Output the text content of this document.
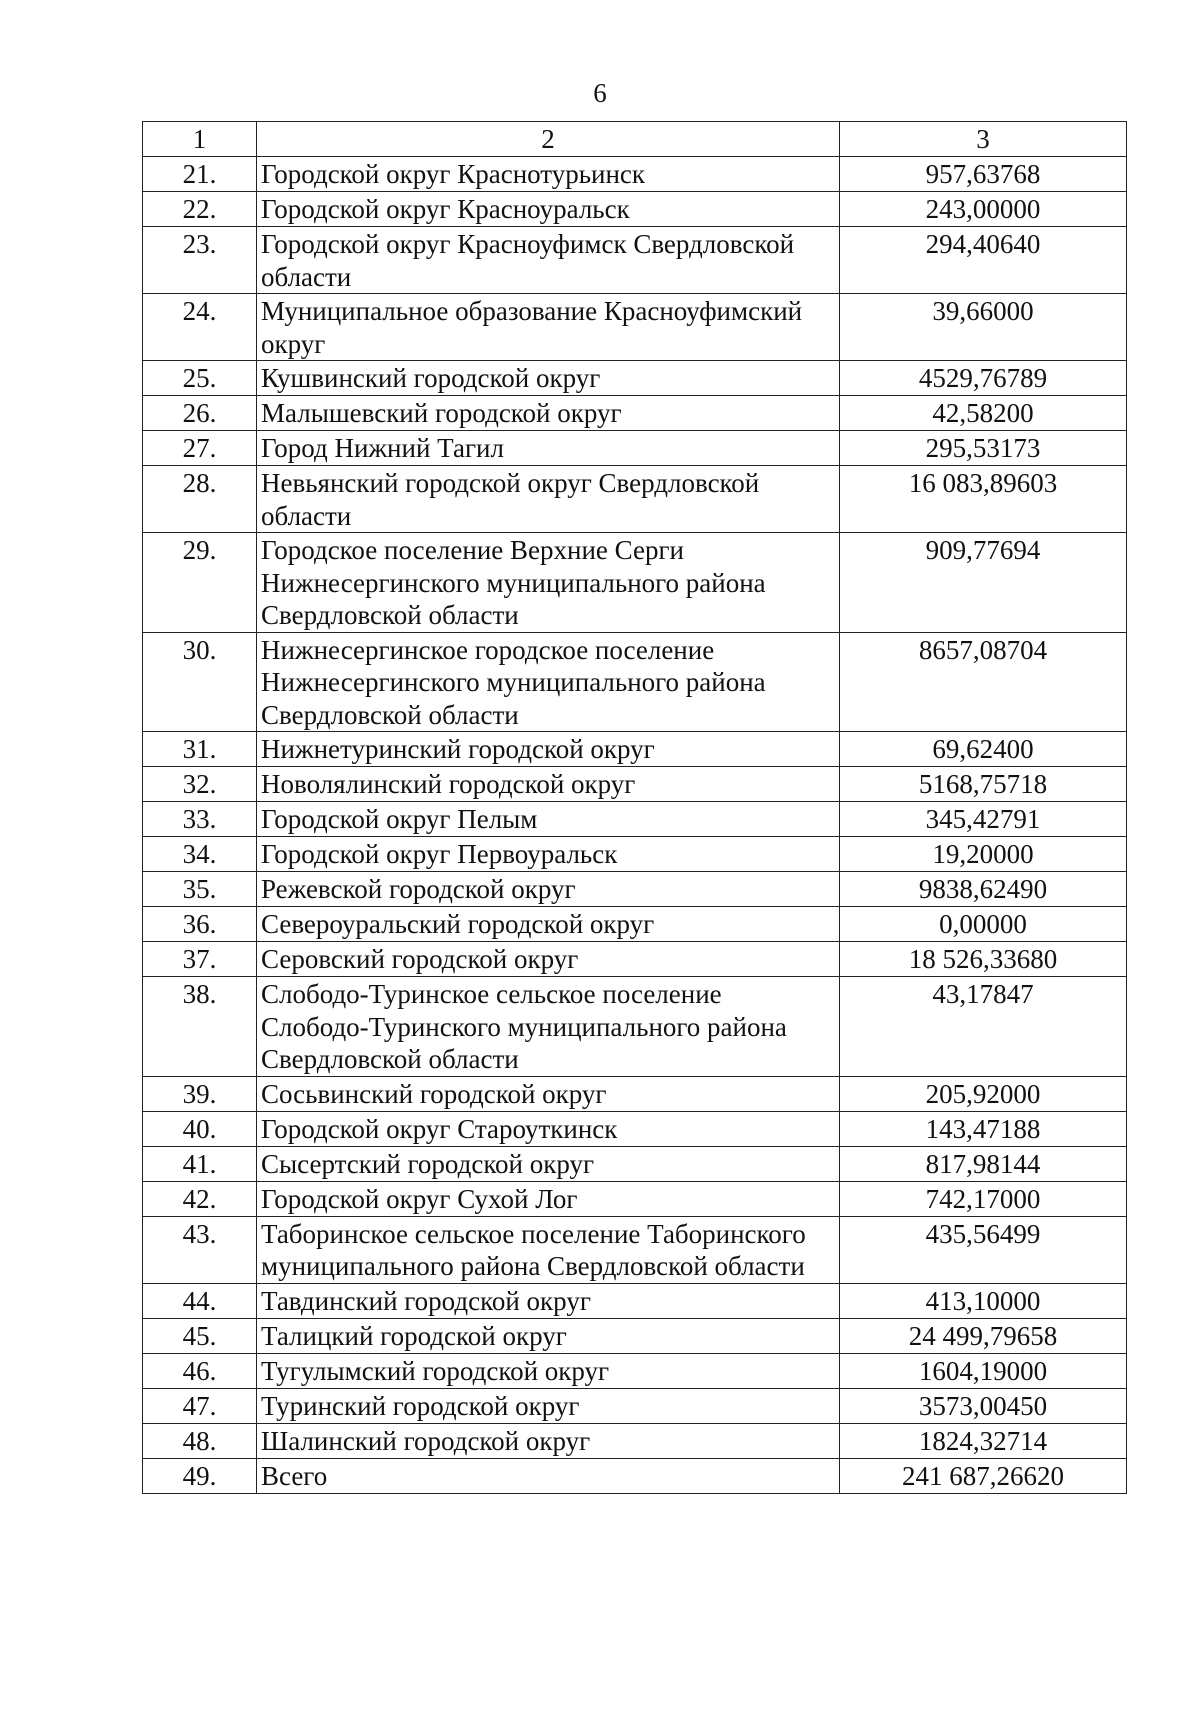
6
1	2	3
21.	Городской округ Краснотурьинск	957,63768
22.	Городской округ Красноуральск	243,00000
23.	Городской округ Красноуфимск Свердловской области	294,40640
24.	Муниципальное образование Красноуфимский округ	39,66000
25.	Кушвинский городской округ	4529,76789
26.	Малышевский городской округ	42,58200
27.	Город Нижний Тагил	295,53173
28.	Невьянский городской округ Свердловской области	16 083,89603
29.	Городское поселение Верхние Серги Нижнесергинского муниципального района Свердловской области	909,77694
30.	Нижнесергинское городское поселение Нижнесергинского муниципального района Свердловской области	8657,08704
31.	Нижнетуринский городской округ	69,62400
32.	Новолялинский городской округ	5168,75718
33.	Городской округ Пелым	345,42791
34.	Городской округ Первоуральск	19,20000
35.	Режевской городской округ	9838,62490
36.	Североуральский городской округ	0,00000
37.	Серовский городской округ	18 526,33680
38.	Слободо-Туринское сельское поселение Слободо-Туринского муниципального района Свердловской области	43,17847
39.	Сосьвинский городской округ	205,92000
40.	Городской округ Староуткинск	143,47188
41.	Сысертский городской округ	817,98144
42.	Городской округ Сухой Лог	742,17000
43.	Таборинское сельское поселение Таборинского муниципального района Свердловской области	435,56499
44.	Тавдинский городской округ	413,10000
45.	Талицкий городской округ	24 499,79658
46.	Тугулымский городской округ	1604,19000
47.	Туринский городской округ	3573,00450
48.	Шалинский городской округ	1824,32714
49.	Всего	241 687,26620
